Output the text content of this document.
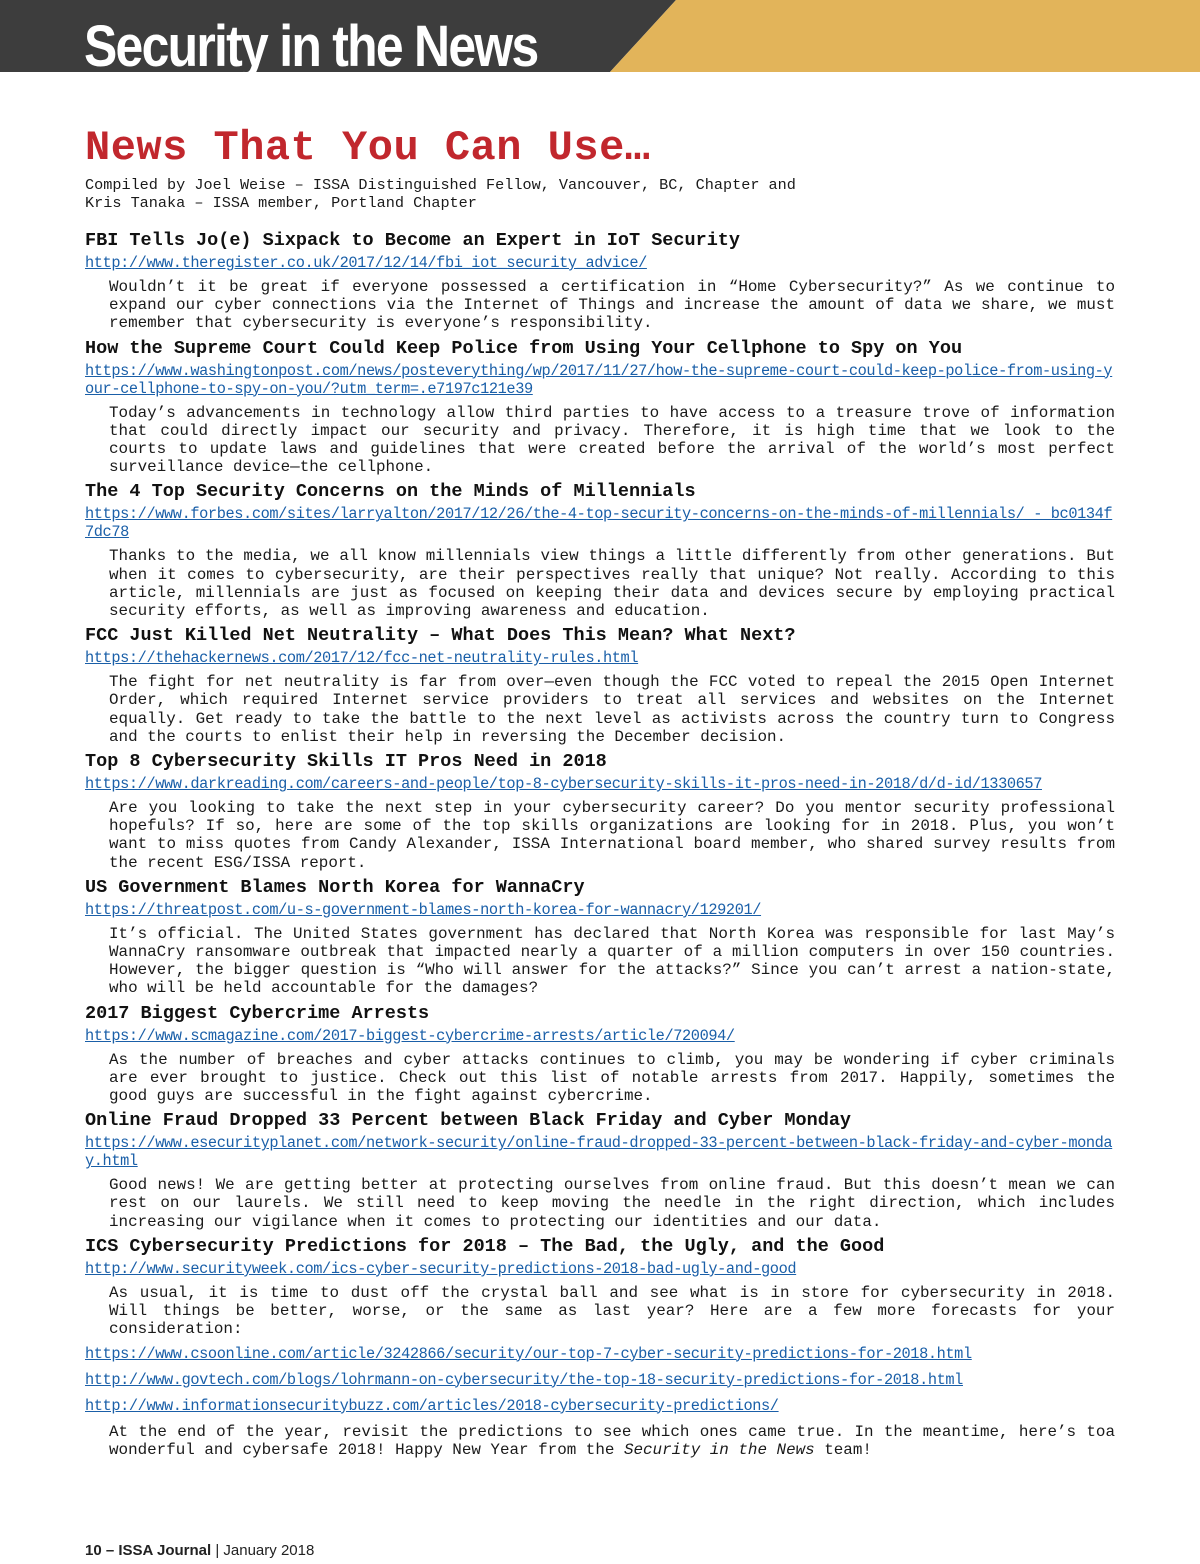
Security in the News
News That You Can Use…
Compiled by Joel Weise – ISSA Distinguished Fellow, Vancouver, BC, Chapter and
Kris Tanaka – ISSA member, Portland Chapter
FBI Tells Jo(e) Sixpack to Become an Expert in IoT Security
http://www.theregister.co.uk/2017/12/14/fbi_iot_security_advice/

Wouldn’t it be great if everyone possessed a certification in “Home Cybersecurity?” As we continue to expand our cyber connections via the Internet of Things and increase the amount of data we share, we must remember that cybersecurity is everyone’s responsibility.

How the Supreme Court Could Keep Police from Using Your Cellphone to Spy on You
https://www.washingtonpost.com/news/posteverything/wp/2017/11/27/how-the-supreme-court-could-keep-police-from-using-your-cellphone-to-spy-on-you/?utm_term=.e7197c121e39

Today’s advancements in technology allow third parties to have access to a treasure trove of information that could directly impact our security and privacy. Therefore, it is high time that we look to the courts to update laws and guidelines that were created before the arrival of the world’s most perfect surveillance device—the cellphone.

The 4 Top Security Concerns on the Minds of Millennials
https://www.forbes.com/sites/larryalton/2017/12/26/the-4-top-security-concerns-on-the-minds-of-millennials/ - bc0134f7dc78

Thanks to the media, we all know millennials view things a little differently from other generations. But when it comes to cybersecurity, are their perspectives really that unique? Not really. According to this article, millennials are just as focused on keeping their data and devices secure by employing practical security efforts, as well as improving awareness and education.

FCC Just Killed Net Neutrality – What Does This Mean? What Next?
https://thehackernews.com/2017/12/fcc-net-neutrality-rules.html

The fight for net neutrality is far from over—even though the FCC voted to repeal the 2015 Open Internet Order, which required Internet service providers to treat all services and websites on the Internet equally. Get ready to take the battle to the next level as activists across the country turn to Congress and the courts to enlist their help in reversing the December decision.

Top 8 Cybersecurity Skills IT Pros Need in 2018
https://www.darkreading.com/careers-and-people/top-8-cybersecurity-skills-it-pros-need-in-2018/d/d-id/1330657

Are you looking to take the next step in your cybersecurity career? Do you mentor security professional hopefuls? If so, here are some of the top skills organizations are looking for in 2018. Plus, you won’t want to miss quotes from Candy Alexander, ISSA International board member, who shared survey results from the recent ESG/ISSA report.

US Government Blames North Korea for WannaCry
https://threatpost.com/u-s-government-blames-north-korea-for-wannacry/129201/

It’s official. The United States government has declared that North Korea was responsible for last May’s WannaCry ransomware outbreak that impacted nearly a quarter of a million computers in over 150 countries. However, the bigger question is “Who will answer for the attacks?” Since you can’t arrest a nation-state, who will be held accountable for the damages?

2017 Biggest Cybercrime Arrests
https://www.scmagazine.com/2017-biggest-cybercrime-arrests/article/720094/

As the number of breaches and cyber attacks continues to climb, you may be wondering if cyber criminals are ever brought to justice. Check out this list of notable arrests from 2017. Happily, sometimes the good guys are successful in the fight against cybercrime.

Online Fraud Dropped 33 Percent between Black Friday and Cyber Monday
https://www.esecurityplanet.com/network-security/online-fraud-dropped-33-percent-between-black-friday-and-cyber-monday.html

Good news! We are getting better at protecting ourselves from online fraud. But this doesn’t mean we can rest on our laurels. We still need to keep moving the needle in the right direction, which includes increasing our vigilance when it comes to protecting our identities and our data.

ICS Cybersecurity Predictions for 2018 – The Bad, the Ugly, and the Good
http://www.securityweek.com/ics-cyber-security-predictions-2018-bad-ugly-and-good

As usual, it is time to dust off the crystal ball and see what is in store for cybersecurity in 2018. Will things be better, worse, or the same as last year? Here are a few more forecasts for your consideration:

https://www.csoonline.com/article/3242866/security/our-top-7-cyber-security-predictions-for-2018.html
http://www.govtech.com/blogs/lohrmann-on-cybersecurity/the-top-18-security-predictions-for-2018.html
http://www.informationsecuritybuzz.com/articles/2018-cybersecurity-predictions/

At the end of the year, revisit the predictions to see which ones came true. In the meantime, here’s toa wonderful and cybersafe 2018! Happy New Year from the Security in the News team!

10 – ISSA Journal | January 2018
